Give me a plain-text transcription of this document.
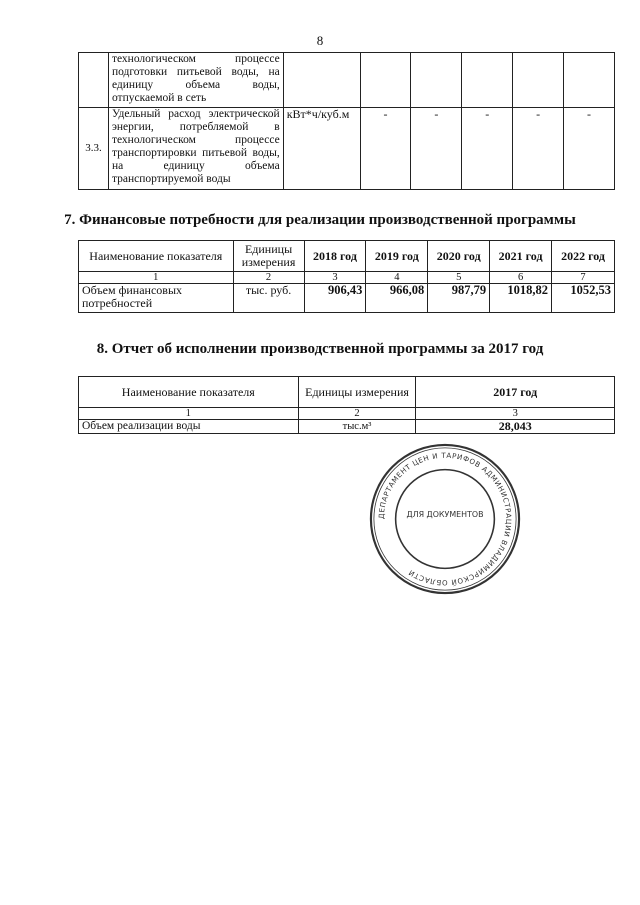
8
	технологическом процессе подготовки питьевой воды, на единицу объема воды, отпускаемой в сеть						
3.3.	Удельный расход электрической энергии, потребляемой в технологическом процессе транспортировки питьевой воды, на единицу объема транспортируемой воды	кВт*ч/куб.м	-	-	-	-	-
7. Финансовые потребности для реализации производственной программы
Наименование показателя	Единицы измерения	2018 год	2019 год	2020 год	2021 год	2022 год
1	2	3	4	5	6	7
Объем финансовых потребностей	тыс. руб.	906,43	966,08	987,79	1018,82	1052,53
8. Отчет об исполнении производственной программы за 2017 год
Наименование показателя	Единицы измерения	2017 год
1	2	3
Объем реализации воды	тыс.м³	28,043
ДЕПАРТАМЕНТ ЦЕН И ТАРИФОВ АДМИНИСТРАЦИИ ВЛАДИМИРСКОЙ ОБЛАСТИ
ДЛЯ ДОКУМЕНТОВ
